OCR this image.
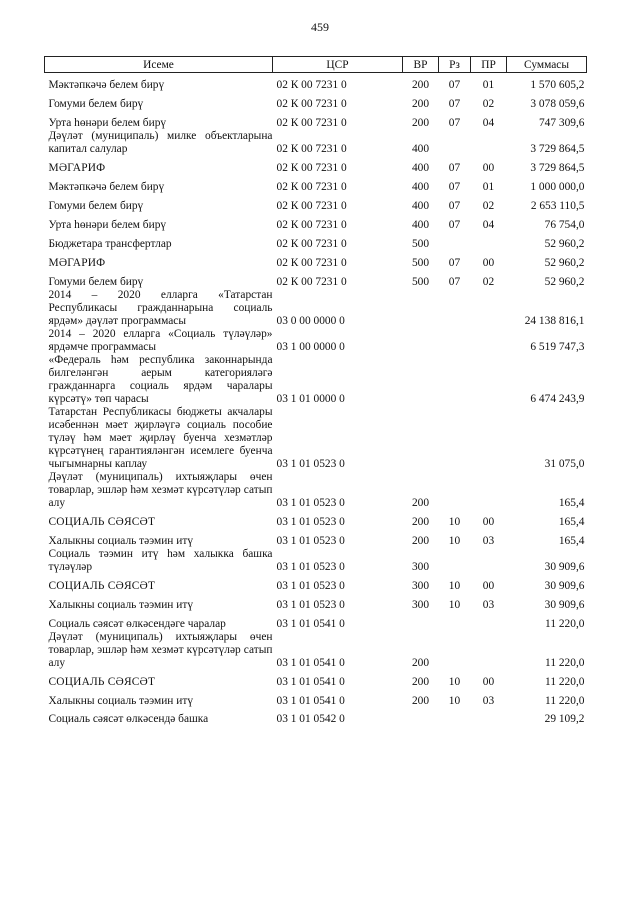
459
Исеме	ЦСР	ВР	Рз	ПР	Суммасы
Мәктәпкәчә белем бирү	02 К 00 7231 0	200	07	01	1 570 605,2
Гомуми белем бирү	02 К 00 7231 0	200	07	02	3 078 059,6
Урта һөнәри белем бирү	02 К 00 7231 0	200	07	04	747 309,6
Дәүләт (муниципаль) милке объектларына капитал салулар	02 К 00 7231 0	400			3 729 864,5
МӘГАРИФ	02 К 00 7231 0	400	07	00	3 729 864,5
Мәктәпкәчә белем бирү	02 К 00 7231 0	400	07	01	1 000 000,0
Гомуми белем бирү	02 К 00 7231 0	400	07	02	2 653 110,5
Урта һөнәри белем бирү	02 К 00 7231 0	400	07	04	76 754,0
Бюджетара трансфертлар	02 К 00 7231 0	500			52 960,2
МӘГАРИФ	02 К 00 7231 0	500	07	00	52 960,2
Гомуми белем бирү	02 К 00 7231 0	500	07	02	52 960,2
2014 – 2020 елларга «Татарстан Республикасы гражданнарына социаль ярдәм» дәүләт программасы	03 0 00 0000 0				24 138 816,1
2014 – 2020 елларга «Социаль түләүләр» ярдәмче программасы	03 1 00 0000 0				6 519 747,3
«Федераль һәм республика законнарында билгеләнгән аерым категорияләгә гражданнарга социаль ярдәм чаралары күрсәтү» төп чарасы	03 1 01 0000 0				6 474 243,9
Татарстан Республикасы бюджеты акчалары исәбеннән мәет җирләүгә социаль пособие түләү һәм мәет җирләү буенча хезмәтләр күрсәтүнең гарантияләнгән исемлеге буенча чыгымнарны каплау	03 1 01 0523 0				31 075,0
Дәүләт (муниципаль) ихтыяҗлары өчен товарлар, эшләр һәм хезмәт күрсәтүләр сатып алу	03 1 01 0523 0	200			165,4
СОЦИАЛЬ СӘЯСӘТ	03 1 01 0523 0	200	10	00	165,4
Халыкны социаль тәэмин итү	03 1 01 0523 0	200	10	03	165,4
Социаль тәэмин итү һәм халыкка башка түләүләр	03 1 01 0523 0	300			30 909,6
СОЦИАЛЬ СӘЯСӘТ	03 1 01 0523 0	300	10	00	30 909,6
Халыкны социаль тәэмин итү	03 1 01 0523 0	300	10	03	30 909,6
Социаль сәясәт өлкәсендәге чаралар	03 1 01 0541 0				11 220,0
Дәүләт (муниципаль) ихтыяҗлары өчен товарлар, эшләр һәм хезмәт күрсәтүләр сатып алу	03 1 01 0541 0	200			11 220,0
СОЦИАЛЬ СӘЯСӘТ	03 1 01 0541 0	200	10	00	11 220,0
Халыкны социаль тәэмин итү	03 1 01 0541 0	200	10	03	11 220,0
Социаль сәясәт өлкәсендә башка	03 1 01 0542 0				29 109,2
